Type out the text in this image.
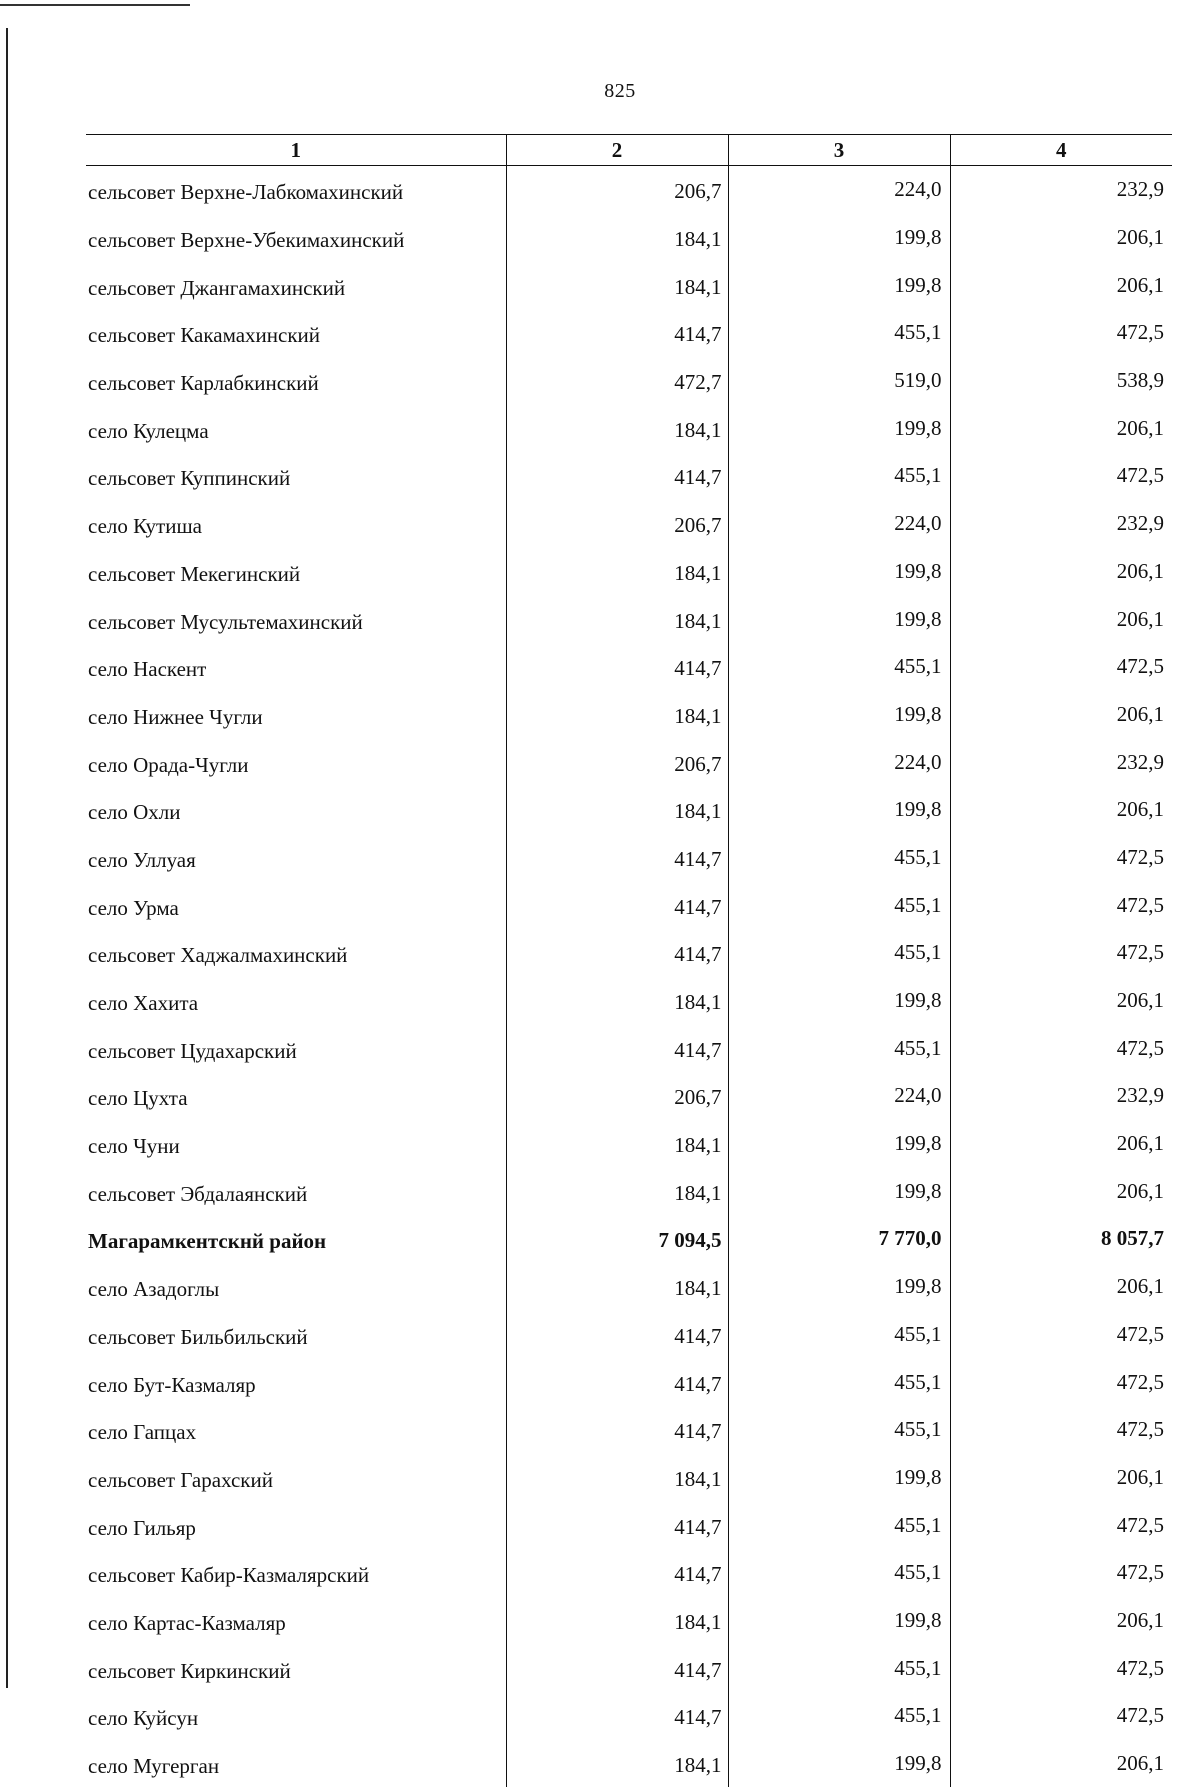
825
1	2	3	4
сельсовет Верхне-Лабкомахинский	206,7	224,0	232,9
сельсовет Верхне-Убекимахинский	184,1	199,8	206,1
сельсовет Джангамахинский	184,1	199,8	206,1
сельсовет Какамахинский	414,7	455,1	472,5
сельсовет Карлабкинский	472,7	519,0	538,9
село Кулецма	184,1	199,8	206,1
сельсовет Куппинский	414,7	455,1	472,5
село Кутиша	206,7	224,0	232,9
сельсовет Мекегинский	184,1	199,8	206,1
сельсовет Мусультемахинский	184,1	199,8	206,1
село Наскент	414,7	455,1	472,5
село Нижнее Чугли	184,1	199,8	206,1
село Орада-Чугли	206,7	224,0	232,9
село Охли	184,1	199,8	206,1
село Уллуая	414,7	455,1	472,5
село Урма	414,7	455,1	472,5
сельсовет Хаджалмахинский	414,7	455,1	472,5
село Хахита	184,1	199,8	206,1
сельсовет Цудахарский	414,7	455,1	472,5
село Цухта	206,7	224,0	232,9
село Чуни	184,1	199,8	206,1
сельсовет Эбдалаянский	184,1	199,8	206,1
Магарамкентскнй район	7 094,5	7 770,0	8 057,7
село Азадоглы	184,1	199,8	206,1
сельсовет Бильбильский	414,7	455,1	472,5
село Бут-Казмаляр	414,7	455,1	472,5
село Гапцах	414,7	455,1	472,5
сельсовет Гарахский	184,1	199,8	206,1
село Гильяр	414,7	455,1	472,5
сельсовет Кабир-Казмалярский	414,7	455,1	472,5
село Картас-Казмаляр	184,1	199,8	206,1
сельсовет Киркинский	414,7	455,1	472,5
село Куйсун	414,7	455,1	472,5
село Мугерган	184,1	199,8	206,1
